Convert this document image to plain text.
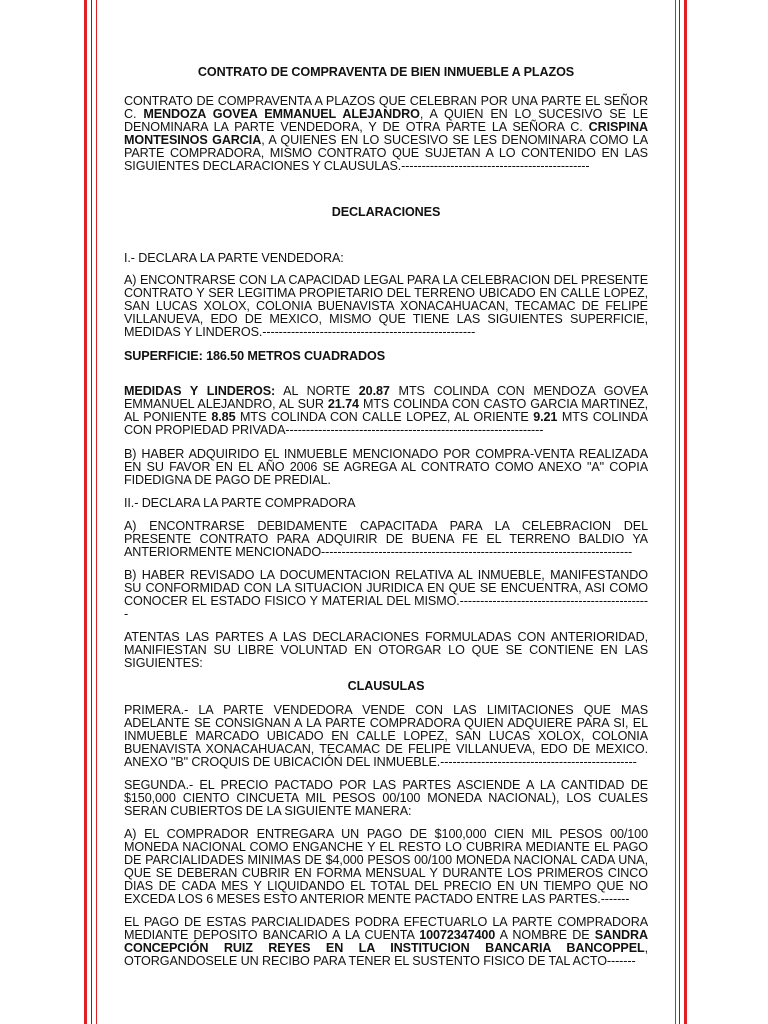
CONTRATO DE COMPRAVENTA DE BIEN INMUEBLE A PLAZOS

CONTRATO DE COMPRAVENTA A PLAZOS QUE CELEBRAN POR UNA PARTE EL SEÑOR C. MENDOZA GOVEA EMMANUEL ALEJANDRO, A QUIEN EN LO SUCESIVO SE LE DENOMINARA LA PARTE VENDEDORA, Y DE OTRA PARTE LA SEÑORA C. CRISPINA MONTESINOS GARCIA, A QUIENES EN LO SUCESIVO SE LES DENOMINARA COMO LA PARTE COMPRADORA, MISMO CONTRATO QUE SUJETAN A LO CONTENIDO EN LAS SIGUIENTES DECLARACIONES Y CLAUSULAS.----------------------------------------------

DECLARACIONES

I.- DECLARA LA PARTE VENDEDORA:

A) ENCONTRARSE CON LA CAPACIDAD LEGAL PARA LA CELEBRACION DEL PRESENTE CONTRATO Y SER LEGITIMA PROPIETARIO DEL TERRENO UBICADO EN CALLE LOPEZ, SAN LUCAS XOLOX, COLONIA BUENAVISTA XONACAHUACAN, TECAMAC DE FELIPE VILLANUEVA, EDO DE MEXICO, MISMO QUE TIENE LAS SIGUIENTES SUPERFICIE, MEDIDAS Y LINDEROS.----------------------------------------------------

SUPERFICIE: 186.50 METROS CUADRADOS

MEDIDAS Y LINDEROS: AL NORTE 20.87 MTS COLINDA CON MENDOZA GOVEA EMMANUEL ALEJANDRO, AL SUR 21.74 MTS COLINDA CON CASTO GARCIA MARTINEZ, AL PONIENTE 8.85 MTS COLINDA CON CALLE LOPEZ, AL ORIENTE 9.21 MTS COLINDA CON PROPIEDAD PRIVADA---------------------------------------------------------------

B) HABER ADQUIRIDO EL INMUEBLE MENCIONADO POR COMPRA-VENTA REALIZADA EN SU FAVOR EN EL AÑO 2006 SE AGREGA AL CONTRATO COMO ANEXO "A" COPIA FIDEDIGNA DE PAGO DE PREDIAL.

II.- DECLARA LA PARTE COMPRADORA

A) ENCONTRARSE DEBIDAMENTE CAPACITADA PARA LA CELEBRACION DEL PRESENTE CONTRATO PARA ADQUIRIR DE BUENA FE EL TERRENO BALDIO YA ANTERIORMENTE MENCIONADO----------------------------------------------------------------------------

B) HABER REVISADO LA DOCUMENTACION RELATIVA AL INMUEBLE, MANIFESTANDO SU CONFORMIDAD CON LA SITUACION JURIDICA EN QUE SE ENCUENTRA, ASI COMO CONOCER EL ESTADO FISICO Y MATERIAL DEL MISMO.-----------------------------------------------

ATENTAS LAS PARTES A LAS DECLARACIONES FORMULADAS CON ANTERIORIDAD, MANIFIESTAN SU LIBRE VOLUNTAD EN OTORGAR LO QUE SE CONTIENE EN LAS SIGUIENTES:

CLAUSULAS

PRIMERA.- LA PARTE VENDEDORA VENDE CON LAS LIMITACIONES QUE MAS ADELANTE SE CONSIGNAN A LA PARTE COMPRADORA QUIEN ADQUIERE PARA SI, EL INMUEBLE MARCADO UBICADO EN CALLE LOPEZ, SAN LUCAS XOLOX, COLONIA BUENAVISTA XONACAHUACAN, TECAMAC DE FELIPE VILLANUEVA, EDO DE MEXICO. ANEXO "B" CROQUIS DE UBICACIÓN DEL INMUEBLE.------------------------------------------------

SEGUNDA.- EL PRECIO PACTADO POR LAS PARTES ASCIENDE A LA CANTIDAD DE $150,000 CIENTO CINCUETA MIL PESOS 00/100 MONEDA NACIONAL), LOS CUALES SERAN CUBIERTOS DE LA SIGUIENTE MANERA:

A) EL COMPRADOR ENTREGARA UN PAGO DE $100,000 CIEN MIL PESOS 00/100 MONEDA NACIONAL COMO ENGANCHE Y EL RESTO LO CUBRIRA MEDIANTE EL PAGO DE PARCIALIDADES MINIMAS DE $4,000 PESOS 00/100 MONEDA NACIONAL CADA UNA, QUE SE DEBERAN CUBRIR EN FORMA MENSUAL Y DURANTE LOS PRIMEROS CINCO DIAS DE CADA MES Y LIQUIDANDO EL TOTAL DEL PRECIO EN UN TIEMPO QUE NO EXCEDA LOS 6 MESES ESTO ANTERIOR MENTE PACTADO ENTRE LAS PARTES.-------

EL PAGO DE ESTAS PARCIALIDADES PODRA EFECTUARLO LA PARTE COMPRADORA MEDIANTE DEPOSITO BANCARIO A LA CUENTA 10072347400 A NOMBRE DE SANDRA CONCEPCIÓN RUIZ REYES EN LA INSTITUCION BANCARIA BANCOPPEL, OTORGANDOSELE UN RECIBO PARA TENER EL SUSTENTO FISICO DE TAL ACTO-------
